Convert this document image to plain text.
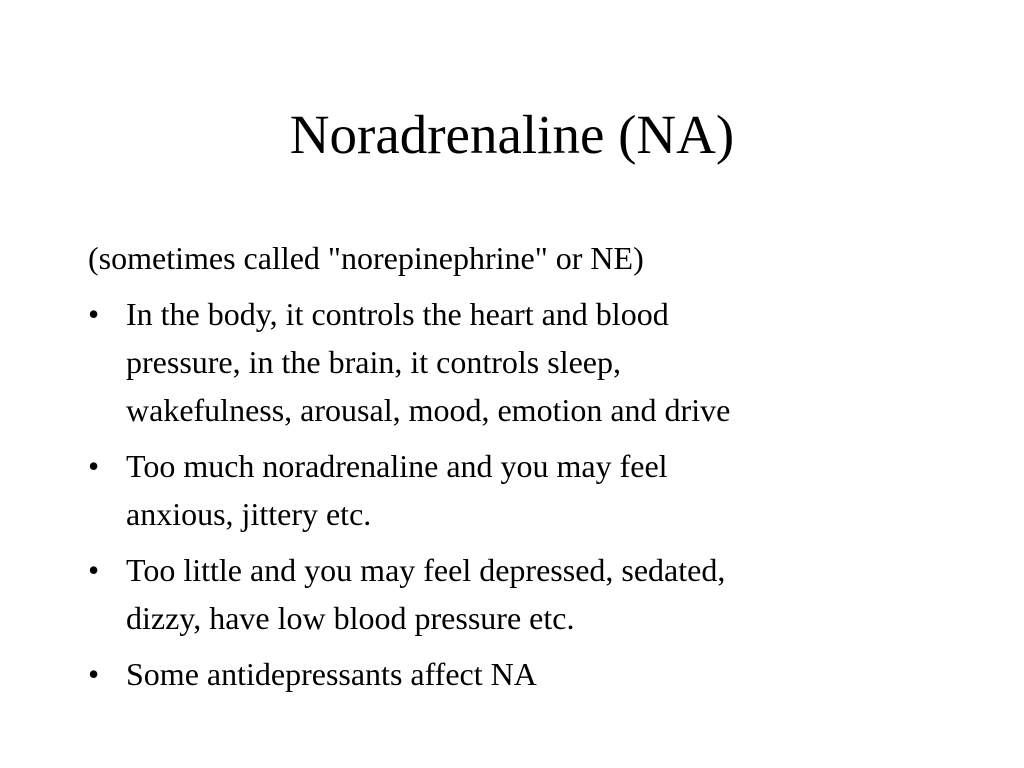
Noradrenaline (NA)

(sometimes called "norepinephrine" or NE)

• In the body, it controls the heart and blood
pressure, in the brain, it controls sleep,
wakefulness, arousal, mood, emotion and drive
• Too much noradrenaline and you may feel
anxious, jittery etc.
• Too little and you may feel depressed, sedated,
dizzy, have low blood pressure etc.
• Some antidepressants affect NA
